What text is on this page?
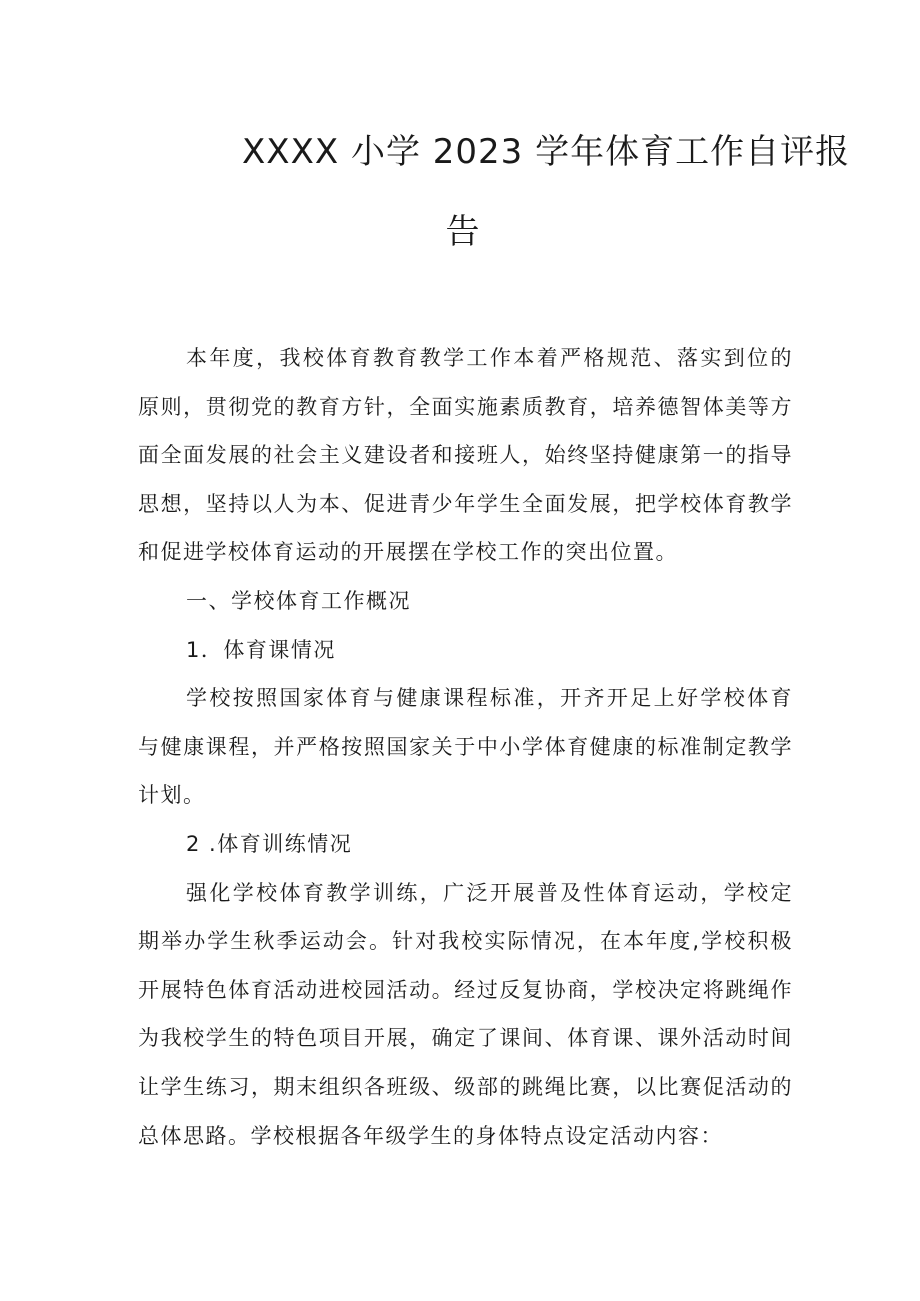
XXXX 小学 2023 学年体育工作自评报
告

本年度，我校体育教育教学工作本着严格规范、落实到位的原则，贯彻党的教育方针，全面实施素质教育，培养德智体美等方面全面发展的社会主义建设者和接班人，始终坚持健康第一的指导思想，坚持以人为本、促进青少年学生全面发展，把学校体育教学和促进学校体育运动的开展摆在学校工作的突出位置。

一、学校体育工作概况

1．体育课情况

学校按照国家体育与健康课程标准，开齐开足上好学校体育与健康课程，并严格按照国家关于中小学体育健康的标准制定教学计划。

2 .体育训练情况

强化学校体育教学训练，广泛开展普及性体育运动，学校定期举办学生秋季运动会。针对我校实际情况，在本年度,学校积极开展特色体育活动进校园活动。经过反复协商，学校决定将跳绳作为我校学生的特色项目开展，确定了课间、体育课、课外活动时间让学生练习，期末组织各班级、级部的跳绳比赛，以比赛促活动的总体思路。学校根据各年级学生的身体特点设定活动内容：
